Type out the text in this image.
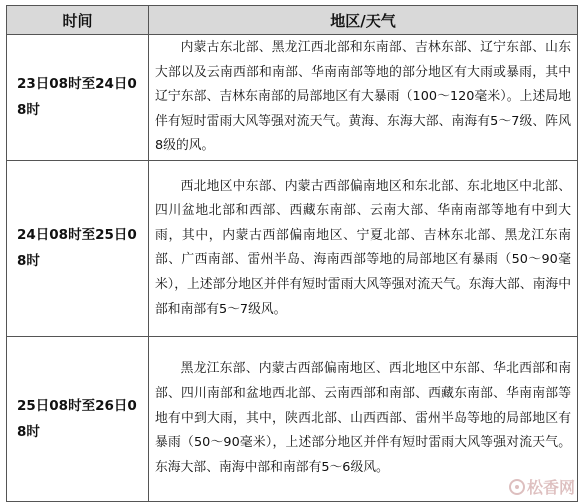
时间	地区/天气
23日08时至24日08时	内蒙古东北部、黑龙江西北部和东南部、吉林东部、辽宁东部、山东大部以及云南西部和南部、华南南部等地的部分地区有大雨或暴雨，其中辽宁东部、吉林东南部的局部地区有大暴雨（100～120毫米）。上述局地伴有短时雷雨大风等强对流天气。黄海、东海大部、南海有5～7级、阵风8级的风。
24日08时至25日08时	西北地区中东部、内蒙古西部偏南地区和东北部、东北地区中北部、四川盆地北部和西部、西藏东南部、云南大部、华南南部等地有中到大雨，其中，内蒙古西部偏南地区、宁夏北部、吉林东北部、黑龙江东南部、广西南部、雷州半岛、海南西部等地的局部地区有暴雨（50～90毫米），上述部分地区并伴有短时雷雨大风等强对流天气。东海大部、南海中部和南部有5～7级风。
25日08时至26日08时	黑龙江东部、内蒙古西部偏南地区、西北地区中东部、华北西部和南部、四川南部和盆地西北部、云南西部和南部、西藏东南部、华南南部等地有中到大雨，其中，陕西北部、山西西部、雷州半岛等地的局部地区有暴雨（50～90毫米），上述部分地区并伴有短时雷雨大风等强对流天气。东海大部、南海中部和南部有5～6级风。
松香网
